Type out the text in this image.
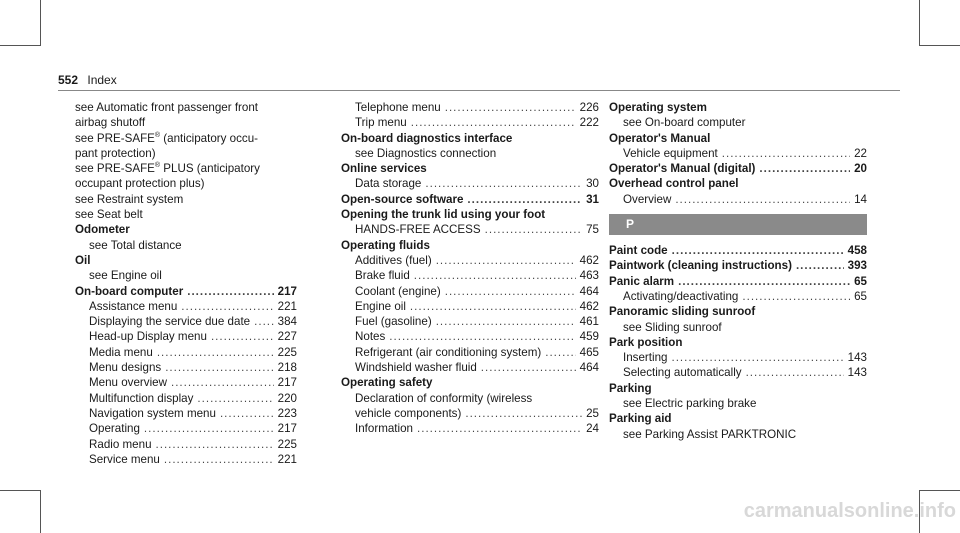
552 Index
see Automatic front passenger front
airbag shutoff
see PRE-SAFE® (anticipatory occu-
pant protection)
see PRE-SAFE® PLUS (anticipatory
occupant protection plus)
see Restraint system
see Seat belt
Odometer
see Total distance
Oil
see Engine oil
On-board computer .....	217
Assistance menu .....	221
Displaying the service due date ..... 384
Head-up Display menu .....	227
Media menu .....	225
Menu designs .....	218
Menu overview .....	217
Multifunction display .....	220
Navigation system menu .....	223
Operating .....	217
Radio menu .....	225
Service menu .....	221
Telephone menu .....	226
Trip menu .....	222
On-board diagnostics interface
see Diagnostics connection
Online services
Data storage .....	30
Open-source software .....	31
Opening the trunk lid using your foot
HANDS-FREE ACCESS .....	75
Operating fluids
Additives (fuel) .....	462
Brake fluid .....	463
Coolant (engine) .....	464
Engine oil .....	462
Fuel (gasoline) .....	461
Notes .....	459
Refrigerant (air conditioning system) .....	465
Windshield washer fluid .....	464
Operating safety
Declaration of conformity (wireless
vehicle components) .....	25
Information .....	24
Operating system
see On-board computer
Operator's Manual
Vehicle equipment .....	22
Operator's Manual (digital) .....	20
Overhead control panel
Overview .....	14
P
Paint code .....	458
Paintwork (cleaning instructions) .....	393
Panic alarm .....	65
Activating/deactivating .....	65
Panoramic sliding sunroof
see Sliding sunroof
Park position
Inserting .....	143
Selecting automatically .....	143
Parking
see Electric parking brake
Parking aid
see Parking Assist PARKTRONIC
carmanualsonline.info
